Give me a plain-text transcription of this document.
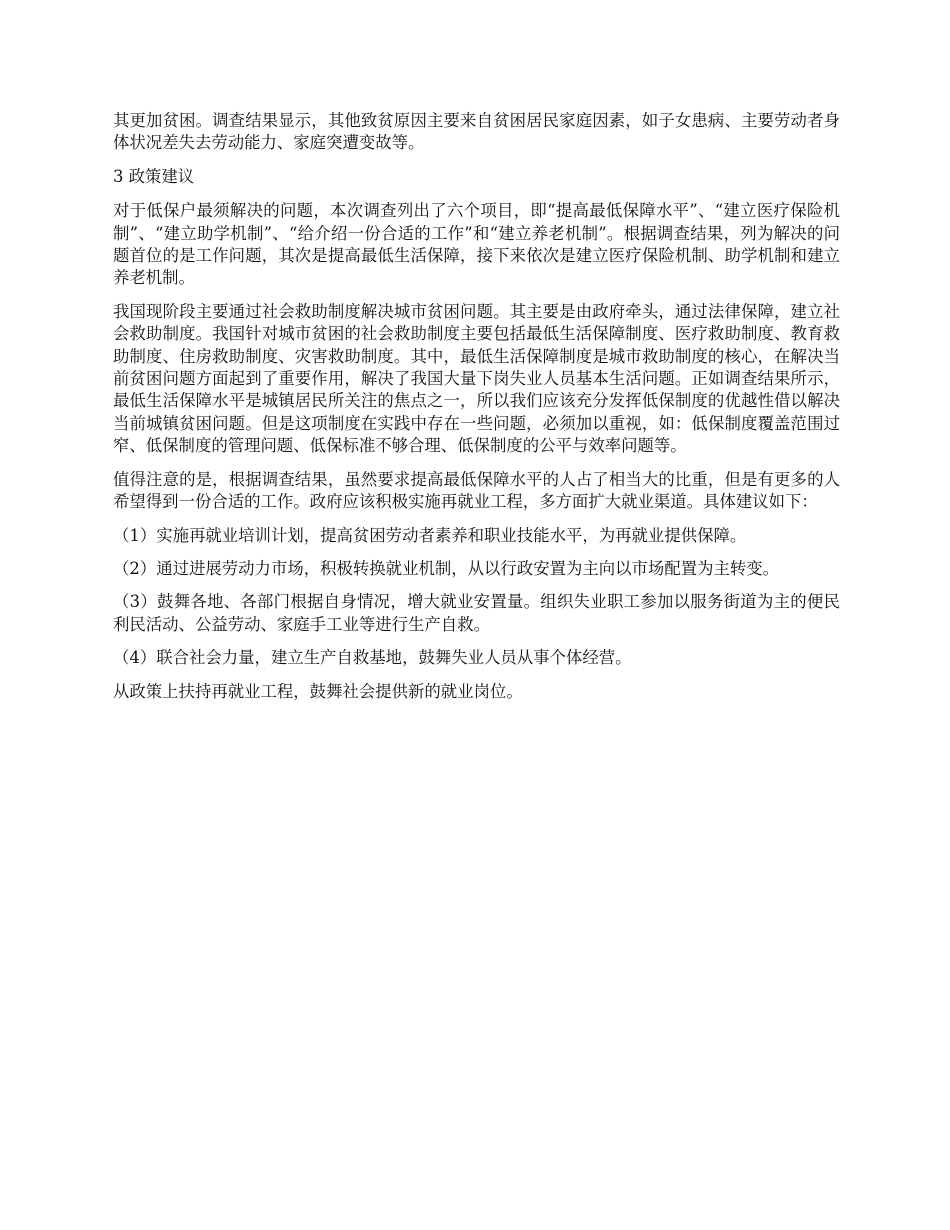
其更加贫困。调查结果显示，其他致贫原因主要来自贫困居民家庭因素，如子女患病、主要劳动者身体状况差失去劳动能力、家庭突遭变故等。

3 政策建议

对于低保户最须解决的问题，本次调查列出了六个项目，即“提高最低保障水平”、“建立医疗保险机制”、“建立助学机制”、“给介绍一份合适的工作”和“建立养老机制”。根据调查结果，列为解决的问题首位的是工作问题，其次是提高最低生活保障，接下来依次是建立医疗保险机制、助学机制和建立养老机制。

我国现阶段主要通过社会救助制度解决城市贫困问题。其主要是由政府牵头，通过法律保障，建立社会救助制度。我国针对城市贫困的社会救助制度主要包括最低生活保障制度、医疗救助制度、教育救助制度、住房救助制度、灾害救助制度。其中，最低生活保障制度是城市救助制度的核心，在解决当前贫困问题方面起到了重要作用，解决了我国大量下岗失业人员基本生活问题。正如调查结果所示，最低生活保障水平是城镇居民所关注的焦点之一，所以我们应该充分发挥低保制度的优越性借以解决当前城镇贫困问题。但是这项制度在实践中存在一些问题，必须加以重视，如：低保制度覆盖范围过窄、低保制度的管理问题、低保标准不够合理、低保制度的公平与效率问题等。

值得注意的是，根据调查结果，虽然要求提高最低保障水平的人占了相当大的比重，但是有更多的人希望得到一份合适的工作。政府应该积极实施再就业工程，多方面扩大就业渠道。具体建议如下：

（1）实施再就业培训计划，提高贫困劳动者素养和职业技能水平，为再就业提供保障。

（2）通过进展劳动力市场，积极转换就业机制，从以行政安置为主向以市场配置为主转变。

（3）鼓舞各地、各部门根据自身情况，增大就业安置量。组织失业职工参加以服务街道为主的便民利民活动、公益劳动、家庭手工业等进行生产自救。

（4）联合社会力量，建立生产自救基地，鼓舞失业人员从事个体经营。

从政策上扶持再就业工程，鼓舞社会提供新的就业岗位。
